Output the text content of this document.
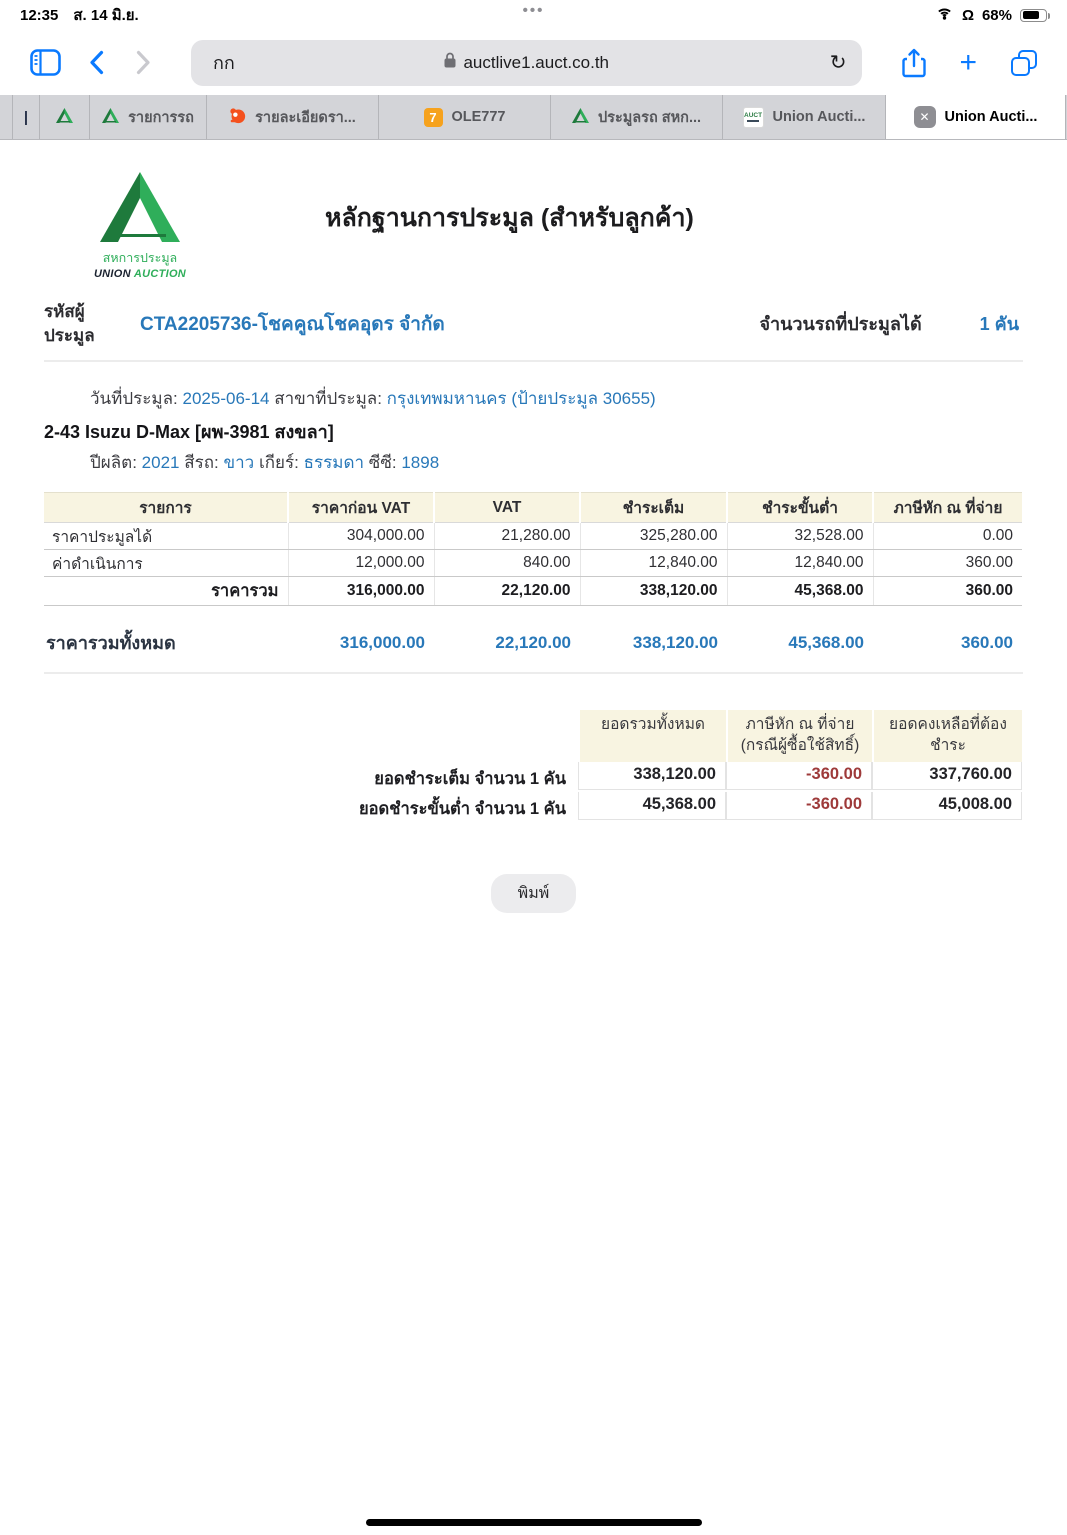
12:35 ส. 14 มิ.ย.	•••	Ω 68%
กก	auctlive1.auct.co.th	↻	+
|	รายการรถ	รายละเอียดรา...	7	OLE777	ประมูลรถ สหก...	AUCT Union Aucti...	✕	Union Aucti...
สหการประมูล
UNION AUCTION
หลักฐานการประมูล (สำหรับลูกค้า)
รหัสผู้
ประมูล
CTA2205736-โชคคูณโชคอุดร จำกัด	จำนวนรถที่ประมูลได้	1 คัน
วันที่ประมูล: 2025-06-14 สาขาที่ประมูล: กรุงเทพมหานคร (ป้ายประมูล 30655)
2-43 Isuzu D-Max [ผพ-3981 สงขลา]
ปีผลิต: 2021 สีรถ: ขาว เกียร์: ธรรมดา ซีซี: 1898
รายการ	ราคาก่อน VAT	VAT	ชำระเต็ม	ชำระขั้นต่ำ	ภาษีหัก ณ ที่จ่าย
ราคาประมูลได้	304,000.00	21,280.00	325,280.00	32,528.00	0.00
ค่าดำเนินการ	12,000.00	840.00	12,840.00	12,840.00	360.00
ราคารวม	316,000.00	22,120.00	338,120.00	45,368.00	360.00
ราคารวมทั้งหมด	316,000.00	22,120.00	338,120.00	45,368.00	360.00
ยอดรวมทั้งหมด	ภาษีหัก ณ ที่จ่าย
(กรณีผู้ซื้อใช้สิทธิ์)
ยอดคงเหลือที่ต้อง
ชำระ
ยอดชำระเต็ม จำนวน 1 คัน	338,120.00	-360.00	337,760.00
ยอดชำระขั้นต่ำ จำนวน 1 คัน	45,368.00	-360.00	45,008.00
พิมพ์
